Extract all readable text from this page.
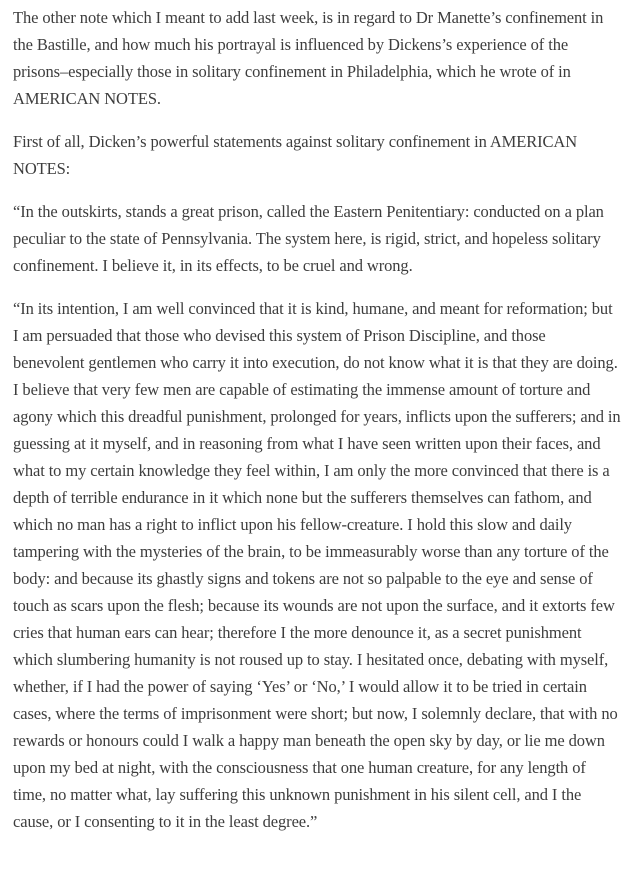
The other note which I meant to add last week, is in regard to Dr Manette’s confinement in the Bastille, and how much his portrayal is influenced by Dickens’s experience of the prisons–especially those in solitary confinement in Philadelphia, which he wrote of in AMERICAN NOTES.

First of all, Dicken’s powerful statements against solitary confinement in AMERICAN NOTES:

“In the outskirts, stands a great prison, called the Eastern Penitentiary: conducted on a plan peculiar to the state of Pennsylvania. The system here, is rigid, strict, and hopeless solitary confinement. I believe it, in its effects, to be cruel and wrong.

“In its intention, I am well convinced that it is kind, humane, and meant for reformation; but I am persuaded that those who devised this system of Prison Discipline, and those benevolent gentlemen who carry it into execution, do not know what it is that they are doing. I believe that very few men are capable of estimating the immense amount of torture and agony which this dreadful punishment, prolonged for years, inflicts upon the sufferers; and in guessing at it myself, and in reasoning from what I have seen written upon their faces, and what to my certain knowledge they feel within, I am only the more convinced that there is a depth of terrible endurance in it which none but the sufferers themselves can fathom, and which no man has a right to inflict upon his fellow-creature. I hold this slow and daily tampering with the mysteries of the brain, to be immeasurably worse than any torture of the body: and because its ghastly signs and tokens are not so palpable to the eye and sense of touch as scars upon the flesh; because its wounds are not upon the surface, and it extorts few cries that human ears can hear; therefore I the more denounce it, as a secret punishment which slumbering humanity is not roused up to stay. I hesitated once, debating with myself, whether, if I had the power of saying ‘Yes’ or ‘No,’ I would allow it to be tried in certain cases, where the terms of imprisonment were short; but now, I solemnly declare, that with no rewards or honours could I walk a happy man beneath the open sky by day, or lie me down upon my bed at night, with the consciousness that one human creature, for any length of time, no matter what, lay suffering this unknown punishment in his silent cell, and I the cause, or I consenting to it in the least degree.”
